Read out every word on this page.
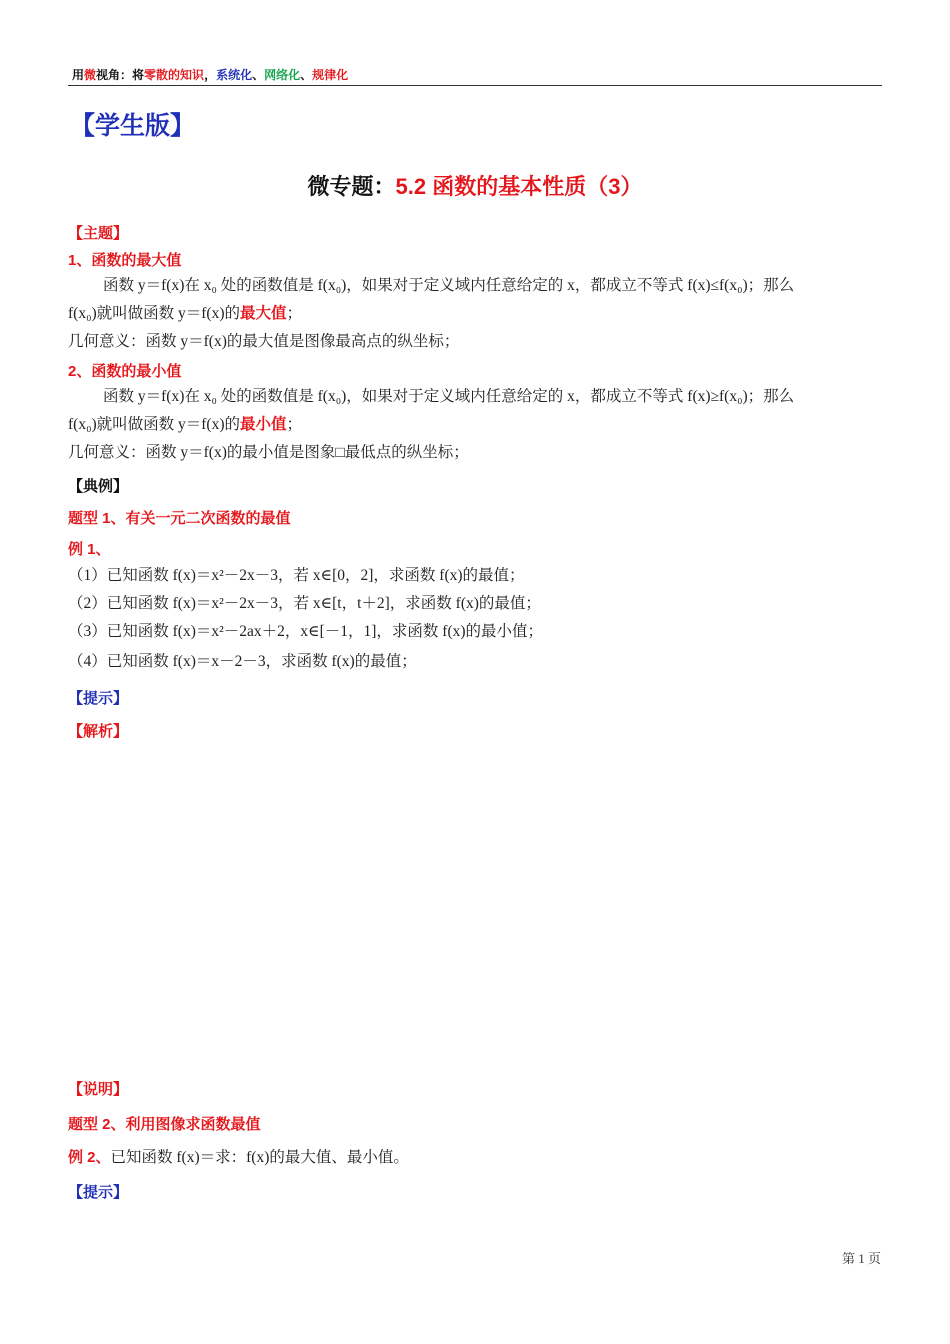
用微视角：将零散的知识，系统化、网络化、规律化
【学生版】
微专题：5.2 函数的基本性质（3）
【主题】
1、函数的最大值
函数 y＝f(x)在 x₀ 处的函数值是 f(x₀)，如果对于定义域内任意给定的 x，都成立不等式 f(x)≤f(x₀)；那么
f(x₀)就叫做函数 y＝f(x)的最大值；
几何意义：函数 y＝f(x)的最大值是图像最高点的纵坐标；
2、函数的最小值
函数 y＝f(x)在 x₀ 处的函数值是 f(x₀)，如果对于定义域内任意给定的 x，都成立不等式 f(x)≥f(x₀)；那么
f(x₀)就叫做函数 y＝f(x)的最小值；
几何意义：函数 y＝f(x)的最小值是图象□最低点的纵坐标；
【典例】
题型 1、有关一元二次函数的最值
例 1、
（1）已知函数 f(x)＝x²－2x－3，若 x∈[0，2]，求函数 f(x)的最值；
（2）已知函数 f(x)＝x²－2x－3，若 x∈[t，t＋2]，求函数 f(x)的最值；
（3）已知函数 f(x)＝x²－2ax＋2，x∈[－1，1]，求函数 f(x)的最小值；
（4）已知函数 f(x)＝x－2－3，求函数 f(x)的最值；
【提示】
【解析】
【说明】
题型 2、利用图像求函数最值
例 2、已知函数 f(x)＝求：f(x)的最大值、最小值。
【提示】
第 1 页
